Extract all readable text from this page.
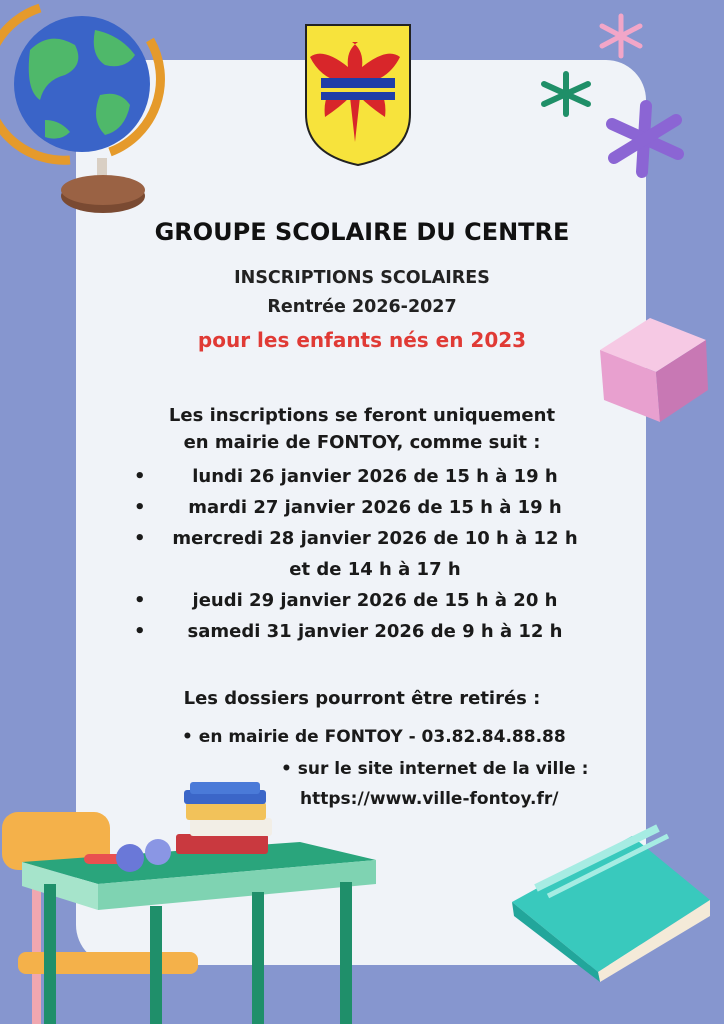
GROUPE SCOLAIRE DU CENTRE

INSCRIPTIONS SCOLAIRES

Rentrée 2026-2027

pour les enfants nés en 2023

Les inscriptions se feront uniquement

en mairie de FONTOY, comme suit :

•	lundi 26 janvier 2026 de 15 h à 19 h
•	mardi 27 janvier 2026 de 15 h à 19 h
•	mercredi 28 janvier 2026 de 10 h à 12 h
et de 14 h à 17 h
•	jeudi 29 janvier 2026 de 15 h à 20 h
•	samedi 31 janvier 2026 de 9 h à 12 h

Les dossiers pourront être retirés :

• en mairie de FONTOY - 03.82.84.88.88
• sur le site internet de la ville :
https://www.ville-fontoy.fr/
